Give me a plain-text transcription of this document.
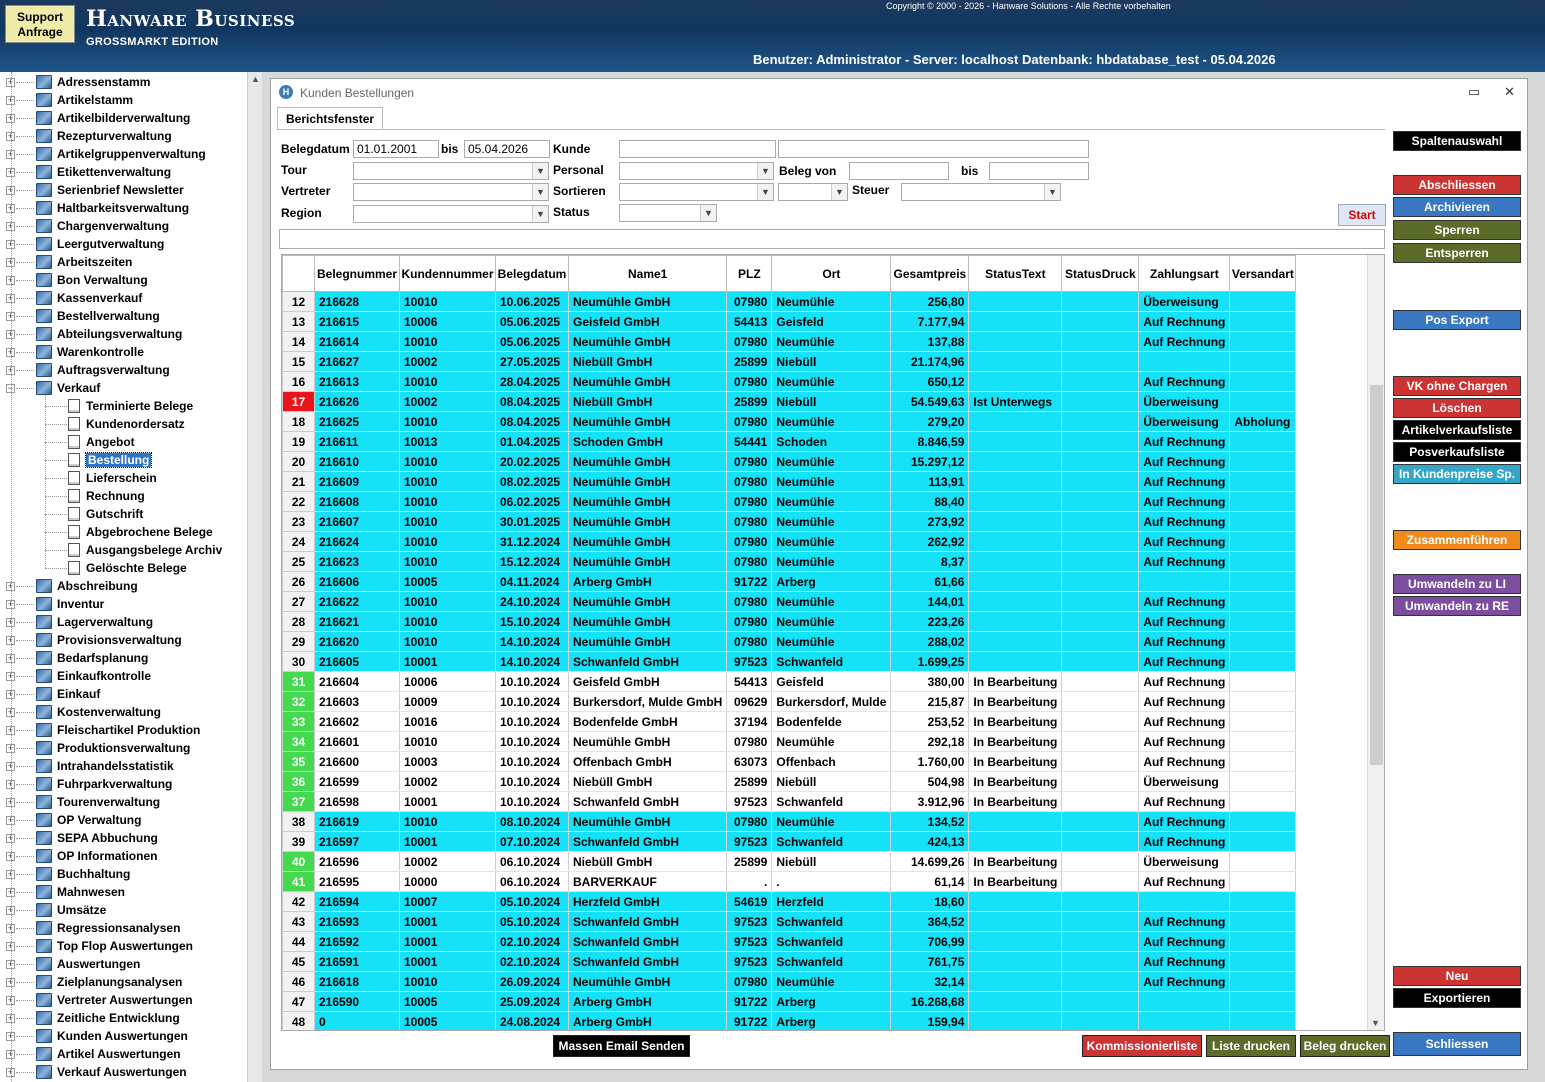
Support
Anfrage	Hanware Business
GROSSMARKT EDITION
Copyright © 2000 - 2026 - Hanware Solutions - Alle Rechte vorbehalten
Benutzer: Administrator - Server: localhost Datenbank: hbdatabase_test - 05.04.2026
▲
+	Adressenstamm
+	Artikelstamm
+	Artikelbilderverwaltung
+	Rezepturverwaltung
+	Artikelgruppenverwaltung
+	Etikettenverwaltung
+	Serienbrief Newsletter
+	Haltbarkeitsverwaltung
+	Chargenverwaltung
+	Leergutverwaltung
+	Arbeitszeiten
+	Bon Verwaltung
+	Kassenverkauf
+	Bestellverwaltung
+	Abteilungsverwaltung
+	Warenkontrolle
+	Auftragsverwaltung
−	Verkauf
Terminierte Belege
Kundenordersatz
Angebot
Bestellung
Lieferschein
Rechnung
Gutschrift
Abgebrochene Belege
Ausgangsbelege Archiv
Gelöschte Belege
+	Abschreibung
+	Inventur
+	Lagerverwaltung
+	Provisionsverwaltung
+	Bedarfsplanung
+	Einkaufkontrolle
+	Einkauf
+	Kostenverwaltung
+	Fleischartikel Produktion
+	Produktionsverwaltung
+	Intrahandelsstatistik
+	Fuhrparkverwaltung
+	Tourenverwaltung
+	OP Verwaltung
+	SEPA Abbuchung
+	OP Informationen
+	Buchhaltung
+	Mahnwesen
+	Umsätze
+	Regressionsanalysen
+	Top Flop Auswertungen
+	Auswertungen
+	Zielplanungsanalysen
+	Vertreter Auswertungen
+	Zeitliche Entwicklung
+	Kunden Auswertungen
+	Artikel Auswertungen
+	Verkauf Auswertungen
H Kunden Bestellungen	▭ ✕
Berichtsfenster
Belegdatum
01.01.2001	bis
05.04.2026	Kunde
Tour	▼ Personal	▼ Beleg von	bis
Vertreter	▼ Sortieren	▼	▼ Steuer	▼
Region	▼ Status	▼	Start
	Belegnummer	Kundennummer	Belegdatum	Name1	PLZ	Ort	Gesamtpreis	StatusText	StatusDruck	Zahlungsart	Versandart
12	216628	10010	10.06.2025	Neumühle GmbH	07980	Neumühle	256,80			Überweisung	
13	216615	10006	05.06.2025	Geisfeld GmbH	54413	Geisfeld	7.177,94			Auf Rechnung	
14	216614	10010	05.06.2025	Neumühle GmbH	07980	Neumühle	137,88			Auf Rechnung	
15	216627	10002	27.05.2025	Niebüll GmbH	25899	Niebüll	21.174,96				
16	216613	10010	28.04.2025	Neumühle GmbH	07980	Neumühle	650,12			Auf Rechnung	
17	216626	10002	08.04.2025	Niebüll GmbH	25899	Niebüll	54.549,63	Ist Unterwegs		Überweisung	
18	216625	10010	08.04.2025	Neumühle GmbH	07980	Neumühle	279,20			Überweisung	Abholung
19	216611	10013	01.04.2025	Schoden GmbH	54441	Schoden	8.846,59			Auf Rechnung	
20	216610	10010	20.02.2025	Neumühle GmbH	07980	Neumühle	15.297,12			Auf Rechnung	
21	216609	10010	08.02.2025	Neumühle GmbH	07980	Neumühle	113,91			Auf Rechnung	
22	216608	10010	06.02.2025	Neumühle GmbH	07980	Neumühle	88,40			Auf Rechnung	
23	216607	10010	30.01.2025	Neumühle GmbH	07980	Neumühle	273,92			Auf Rechnung	
24	216624	10010	31.12.2024	Neumühle GmbH	07980	Neumühle	262,92			Auf Rechnung	
25	216623	10010	15.12.2024	Neumühle GmbH	07980	Neumühle	8,37			Auf Rechnung	
26	216606	10005	04.11.2024	Arberg GmbH	91722	Arberg	61,66				
27	216622	10010	24.10.2024	Neumühle GmbH	07980	Neumühle	144,01			Auf Rechnung	
28	216621	10010	15.10.2024	Neumühle GmbH	07980	Neumühle	223,26			Auf Rechnung	
29	216620	10010	14.10.2024	Neumühle GmbH	07980	Neumühle	288,02			Auf Rechnung	
30	216605	10001	14.10.2024	Schwanfeld GmbH	97523	Schwanfeld	1.699,25			Auf Rechnung	
31	216604	10006	10.10.2024	Geisfeld GmbH	54413	Geisfeld	380,00	In Bearbeitung		Auf Rechnung	
32	216603	10009	10.10.2024	Burkersdorf, Mulde GmbH	09629	Burkersdorf, Mulde	215,87	In Bearbeitung		Auf Rechnung	
33	216602	10016	10.10.2024	Bodenfelde GmbH	37194	Bodenfelde	253,52	In Bearbeitung		Auf Rechnung	
34	216601	10010	10.10.2024	Neumühle GmbH	07980	Neumühle	292,18	In Bearbeitung		Auf Rechnung	
35	216600	10003	10.10.2024	Offenbach GmbH	63073	Offenbach	1.760,00	In Bearbeitung		Auf Rechnung	
36	216599	10002	10.10.2024	Niebüll GmbH	25899	Niebüll	504,98	In Bearbeitung		Überweisung	
37	216598	10001	10.10.2024	Schwanfeld GmbH	97523	Schwanfeld	3.912,96	In Bearbeitung		Auf Rechnung	
38	216619	10010	08.10.2024	Neumühle GmbH	07980	Neumühle	134,52			Auf Rechnung	
39	216597	10001	07.10.2024	Schwanfeld GmbH	97523	Schwanfeld	424,13			Auf Rechnung	
40	216596	10002	06.10.2024	Niebüll GmbH	25899	Niebüll	14.699,26	In Bearbeitung		Überweisung	
41	216595	10000	06.10.2024	BARVERKAUF	.	.	61,14	In Bearbeitung		Auf Rechnung	
42	216594	10007	05.10.2024	Herzfeld GmbH	54619	Herzfeld	18,60				
43	216593	10001	05.10.2024	Schwanfeld GmbH	97523	Schwanfeld	364,52			Auf Rechnung	
44	216592	10001	02.10.2024	Schwanfeld GmbH	97523	Schwanfeld	706,99			Auf Rechnung	
45	216591	10001	02.10.2024	Schwanfeld GmbH	97523	Schwanfeld	761,75			Auf Rechnung	
46	216618	10010	26.09.2024	Neumühle GmbH	07980	Neumühle	32,14			Auf Rechnung	
47	216590	10005	25.09.2024	Arberg GmbH	91722	Arberg	16.268,68				
48	0	10005	24.08.2024	Arberg GmbH	91722	Arberg	159,94					▼
Massen Email Senden	Kommissionierliste	Liste drucken	Beleg drucken
Spaltenauswahl
Abschliessen
Archivieren
Sperren
Entsperren
Pos Export
VK ohne Chargen
Löschen
Artikelverkaufsliste
Posverkaufsliste
In Kundenpreise Sp.
Zusammenführen
Umwandeln zu LI
Umwandeln zu RE
Neu
Exportieren
Schliessen
